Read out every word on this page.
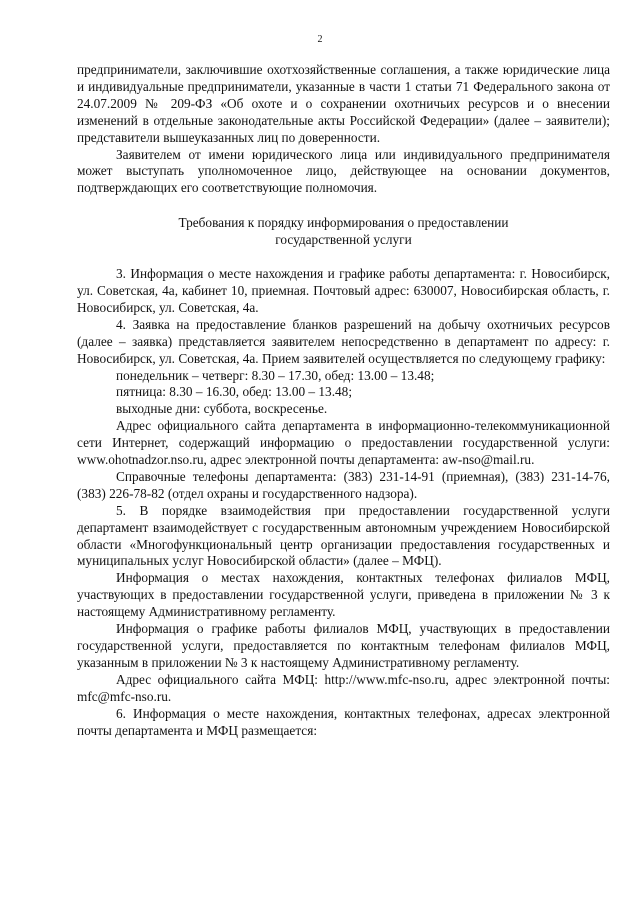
2

предприниматели, заключившие охотхозяйственные соглашения, а также юридические лица и индивидуальные предприниматели, указанные в части 1 статьи 71 Федерального закона от 24.07.2009 № 209-ФЗ «Об охоте и о сохранении охотничьих ресурсов и о внесении изменений в отдельные законодательные акты Российской Федерации» (далее – заявители); представители вышеуказанных лиц по доверенности.

Заявителем от имени юридического лица или индивидуального предпринимателя может выступать уполномоченное лицо, действующее на основании документов, подтверждающих его соответствующие полномочия.

Требования к порядку информирования о предоставлении
государственной услуги

3. Информация о месте нахождения и графике работы департамента: г. Новосибирск, ул. Советская, 4а, кабинет 10, приемная. Почтовый адрес: 630007, Новосибирская область, г. Новосибирск, ул. Советская, 4а.

4. Заявка на предоставление бланков разрешений на добычу охотничьих ресурсов (далее – заявка) представляется заявителем непосредственно в департамент по адресу: г. Новосибирск, ул. Советская, 4а. Прием заявителей осуществляется по следующему графику:

понедельник – четверг: 8.30 – 17.30, обед: 13.00 – 13.48;

пятница: 8.30 – 16.30, обед: 13.00 – 13.48;

выходные дни: суббота, воскресенье.

Адрес официального сайта департамента в информационно-телекоммуникационной сети Интернет, содержащий информацию о предоставлении государственной услуги: www.ohotnadzor.nso.ru, адрес электронной почты департамента: aw-nso@mail.ru.

Справочные телефоны департамента: (383) 231-14-91 (приемная), (383) 231-14-76, (383) 226-78-82 (отдел охраны и государственного надзора).

5. В порядке взаимодействия при предоставлении государственной услуги департамент взаимодействует с государственным автономным учреждением Новосибирской области «Многофункциональный центр организации предоставления государственных и муниципальных услуг Новосибирской области» (далее – МФЦ).

Информация о местах нахождения, контактных телефонах филиалов МФЦ, участвующих в предоставлении государственной услуги, приведена в приложении № 3 к настоящему Административному регламенту.

Информация о графике работы филиалов МФЦ, участвующих в предоставлении государственной услуги, предоставляется по контактным телефонам филиалов МФЦ, указанным в приложении № 3 к настоящему Административному регламенту.

Адрес официального сайта МФЦ: http://www.mfc-nso.ru, адрес электронной почты: mfc@mfc-nso.ru.

6. Информация о месте нахождения, контактных телефонах, адресах электронной почты департамента и МФЦ размещается:
